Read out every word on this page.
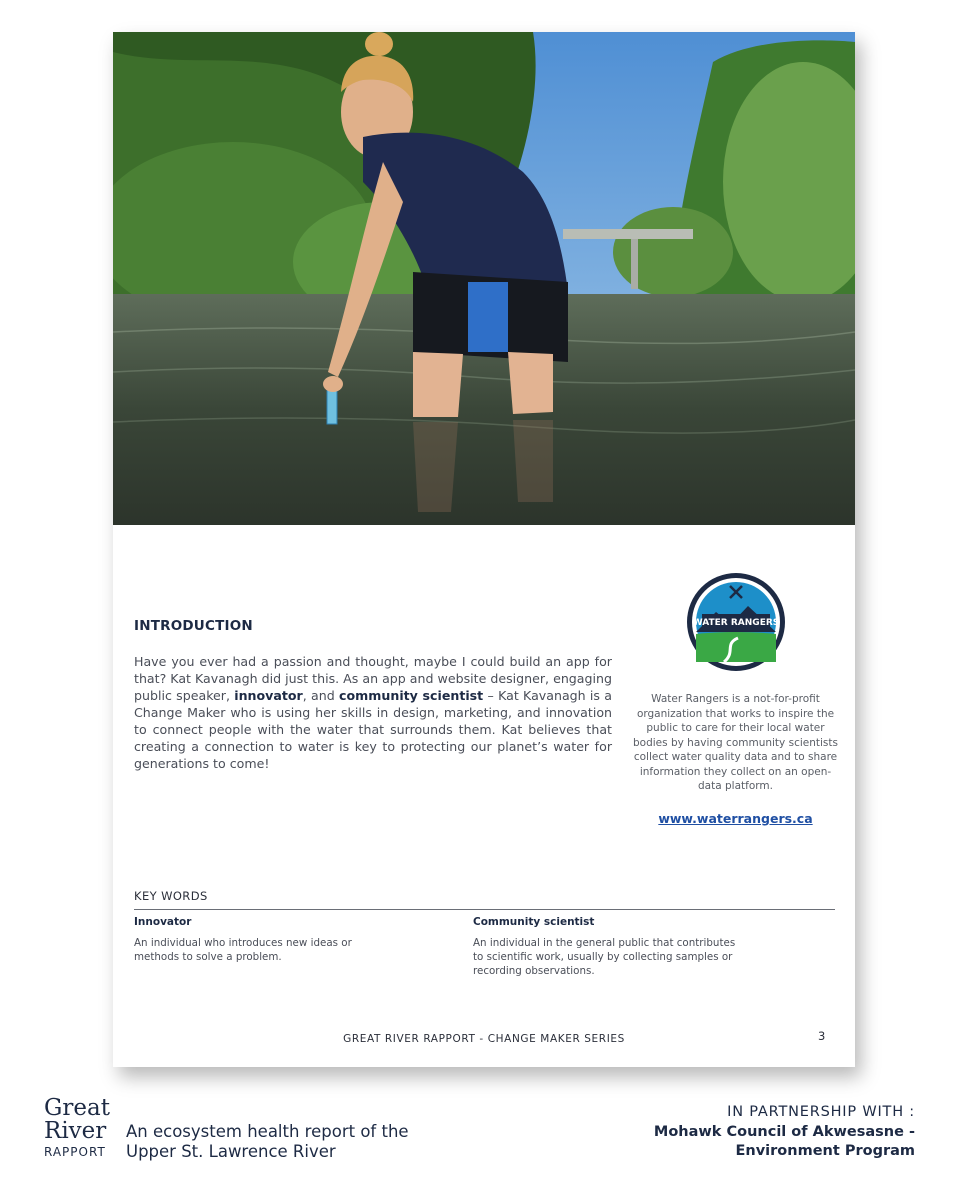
INTRODUCTION
Have you ever had a passion and thought, maybe I could build an app for that? Kat Kavanagh did just this. As an app and website designer, engaging public speaker, innovator, and community scientist – Kat Kavanagh is a Change Maker who is using her skills in design, marketing, and innovation to connect people with the water that surrounds them. Kat believes that creating a connection to water is key to protecting our planet’s water for generations to come!
WATER RANGERS
Water Rangers is a not-for-profit organization that works to inspire the public to care for their local water bodies by having community scientists collect water quality data and to share information they collect on an open-data platform.
www.waterrangers.ca
KEY WORDS
Innovator
An individual who introduces new ideas or methods to solve a problem.
Community scientist
An individual in the general public that contributes to scientific work, usually by collecting samples or recording observations.
GREAT RIVER RAPPORT - CHANGE MAKER SERIES	3
Great
River
RAPPORT
An ecosystem health report of the Upper St. Lawrence River
IN PARTNERSHIP WITH :
Mohawk Council of Akwesasne - Environment Program
